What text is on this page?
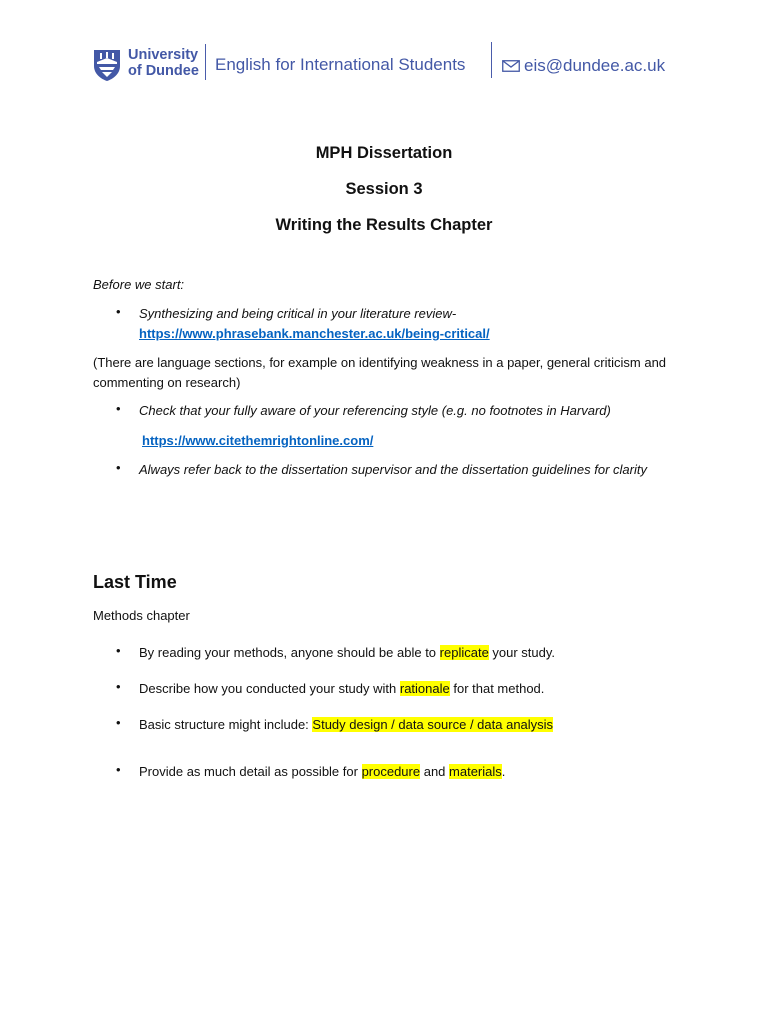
University
of Dundee English for International Students	eis@dundee.ac.uk
MPH Dissertation
Session 3
Writing the Results Chapter
Before we start:
• Synthesizing and being critical in your literature review-
https://www.phrasebank.manchester.ac.uk/being-critical/
(There are language sections, for example on identifying weakness in a paper, general criticism and commenting on research)
• Check that your fully aware of your referencing style (e.g. no footnotes in Harvard)
https://www.citethemrightonline.com/
• Always refer back to the dissertation supervisor and the dissertation guidelines for clarity
Last Time
Methods chapter
• By reading your methods, anyone should be able to replicate your study.
• Describe how you conducted your study with rationale for that method.
• Basic structure might include: Study design / data source / data analysis
• Provide as much detail as possible for procedure and materials.
